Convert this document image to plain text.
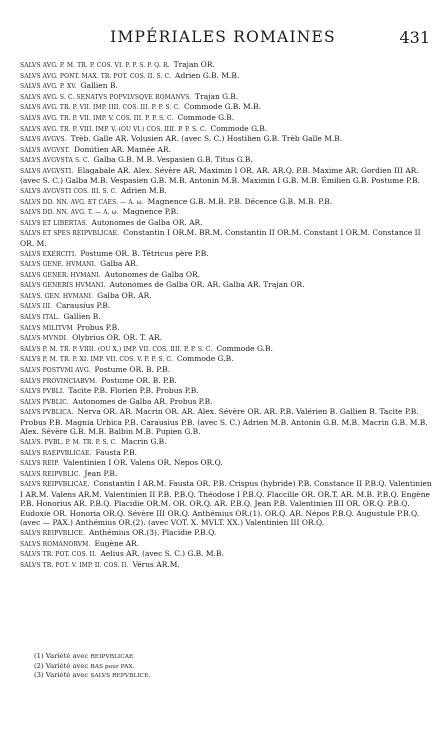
IMPÉRIALES ROMAINES	431
SALVS AVG. P. M. TR. P. COS. VI. P. P. S. P. Q. R. Trajan OR.
SALVS AVG. PONT. MAX. TR. POT. COS. II. S. C. Adrien G.B. M.B.
SALVS AVG. P. XV. Gallien B.
SALVS AVG. S. C. SENATVS POPVLVSQVE ROMANVS. Trajan G.B.
SALVS AVG. TR. P. VII. IMP. IIII. COS. III. P. P. S. C. Commode G.B. M.B.
SALVS AVG. TR. P. VII. IMP. V. COS. III. P. P. S. C. Commode G.B.
SALVS AVG. TR. P. VIII. IMP. V. (OU VI.) COS. IIII. P. P. S. C. Commode G.B.
SALVS AVGVS. Trèb. Galle AR. Volusien AR. (avec S. C.) Hostilien G.B. Trèb Galle M.B.
SALVS AVGVST. Domitien AR. Mamée AR.
SALVS AVGVSTA S. C. Galba G.B. M.B. Vespasien G.B. Titus G.B.
SALVS AVGVSTI. Elagabale AR. Alex. Sévère AR. Maximin I OR. AR. AR.Q. P.B. Maxime AR. Gordien III AR. (avec S. C.) Galba M.B. Vespasien G.B. M.B. Antonin M.B. Maximin I G.B. M.B. Émilien G.B. Postume P.B.
SALVS AVGVSTI COS. III. S. C. Adrien M.B.
SALVS DD. NN. AVG. ET CAES. — A. ω. Magnence G.B. M.B. P.B. Décence G.B. M.B. P.B.
SALVS DD. NN. AVG. T. — A. ω. Magnence P.B.
SALVS ET LIBERTAS. Autonomes de Galba OR. AR.
SALVS ET SPES REIPVBLICAE. Constantin I OR.M. BR.M. Constantin II OR.M. Constant I OR.M. Constance II OR. M.
SALVS EXERCITI. Postume OR. B. Tétricus père P.B.
SALVS GENE. HVMANI. Galba AR.
SALVS GENER. HVMANI. Autonomes de Galba OR.
SALVS GENERIS HVMANI. Autonomes de Galba OR. AR. Galba AR. Trajan OR.
SALVS. GEN. HVMANI. Galba OR. AR.
SALVS III. Carausius P.B.
SALVS ITAL. Gallien B.
SALVS MILITVM Probus P.B.
SALVS MVNDI. Olybrius OR. OR. T. AR.
SALVS P. M. TR. P. VIIII. (OU X.) IMP. VII. COS. IIII. P. P. S. C. Commode G.B.
SALVS P. M. TR. P. XI. IMP. VII. COS. V. P. P. S. C. Commode G.B.
SALVS POSTVMI AVG. Postume OR. B. P.B.
SALVS PROVINCIARVM. Postume OR. B. P.B.
SALVS PVBLI. Tacite P.B. Florien P.B. Probus P.B.
SALVS PVBLIC. Autonomes de Galba AR. Probus P.B.
SALVS PVBLICA. Nerva OR. AR. Macrin OR. AR. Alex. Sévère OR. AR. P.B. Valérien B. Gallien B. Tacite P.B. Probus P.B. Magnia Urbica P.B. Carausius P.B. (avec S. C.) Adrien M.B. Antonin G.B. M.B. Macrin G.B. M.B. Alex. Sévère G.B. M.B. Balbin M.B. Pupien G.B.
SALVS. PVBL. P. M. TR. P. S. C. Macrin G.B.
SALVS RAEPVBLICAE. Fausta P.B.
SALVS REIP. Valentinien I OR. Valens OR. Nepos OR.Q.
SALVS REIPVBLIC. Jean P.B.
SALVS REIPVBLICAE. Constantin I AR.M. Fausta OR. P.B. Crispus (hybride) P.B. Constance II P.B.Q. Valentinien I AR.M. Valens AR.M. Valentinien II P.B. P.B.Q. Théodose I P.B.Q. Flaccille OR. OR.T. AR. M.B. P.B.Q. Engène P.B. Honorius AR. P.B.Q. Placidie OR.M. OR. OR.Q. AR. P.B.Q. Jean P.B. Valentinien III OR. OR.Q. P.B.Q. Eudoxie OR. Honoria OR.Q. Sévère III OR.Q. Anthémius OR.(1). OR.Q. AR. Népos P.B.Q. Augustule P.B.Q. (avec — PAX.) Anthémius OR.(2). (avec VOT. X. MVLT. XX.) Valentinien III OR.Q.
SALVS REIPVBLICE. Anthémius OR.(3). Placidie P.B.Q.
SALVS ROMANORVM. Eugène AR.
SALVS TR. POT. COS. II. Aelius AR. (avec S. C.) G.B. M.B.
SALVS TR. POT. V. IMP. II. COS. II. Vérus AR.M.
(1) Variété avec REIPVBLICAE.
(2) Variété avec BAS pour PAX.
(3) Variété avec SALVS REPVBLICE.
